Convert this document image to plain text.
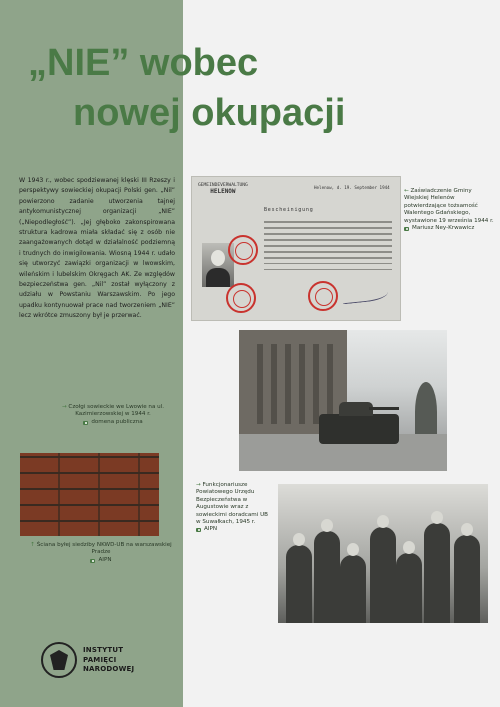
„NIE” wobec
nowej okupacji
W 1943 r., wobec spodziewanej klęski III Rzeszy i perspektywy sowieckiej okupacji Polski gen. „Nil” powierzono zadanie utworzenia tajnej antykomunistycznej organizacji „NIE” („Niepodległość”). „Jej głęboko zakonspirowana struktura kadrowa miała składać się z osób nie zaangażowanych dotąd w działalność podziemną i trudnych do inwigilowania. Wiosną 1944 r. udało się utworzyć zawiązki organizacji w lwowskim, wileńskim i lubelskim Okręgach AK. Ze względów bezpieczeństwa gen. „Nil” został wyłączony z udziału w Powstaniu Warszawskim. Po jego upadku kontynuował prace nad tworzeniem „NIE” lecz wkrótce zmuszony był je przerwać.
GEMEINDEVERWALTUNG
HELENOW
Helenow, d. 19. September 1944
Bescheinigung
← Zaświadczenie Gminy Wiejskiej Helenów potwierdzające tożsamość Walentego Gdańskiego, wystawione 19 września 1944 r.
Mariusz Ney-Krwawicz
→ Czołgi sowieckie we Lwowie na ul. Kazimierzowskiej w 1944 r.
domena publiczna
↑ Ściana byłej siedziby NKWD-UB na warszawskiej Pradze
AIPN
→ Funkcjonariusze Powiatowego Urzędu Bezpieczeństwa w Augustowie wraz z sowieckimi doradcami UB w Suwałkach, 1945 r.
AIPN
INSTYTUT
PAMIĘCI
NARODOWEJ
